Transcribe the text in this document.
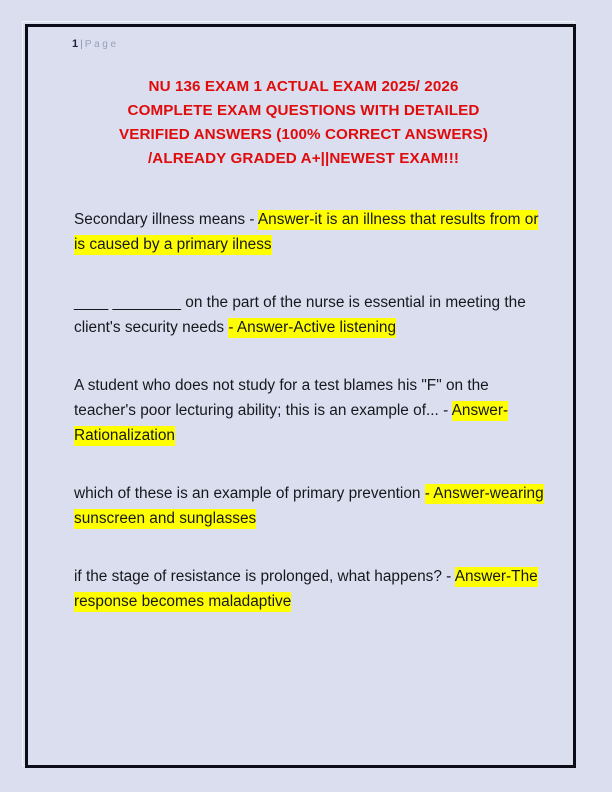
1 | Page
NU 136 EXAM 1 ACTUAL EXAM 2025/ 2026
COMPLETE EXAM QUESTIONS WITH DETAILED
VERIFIED ANSWERS (100% CORRECT ANSWERS)
/ALREADY GRADED A+||NEWEST EXAM!!!
Secondary illness means - Answer-it is an illness that results from or is caused by a primary ilness
____ ________ on the part of the nurse is essential in meeting the client's security needs - Answer-Active listening
A student who does not study for a test blames his "F" on the teacher's poor lecturing ability; this is an example of... - Answer-Rationalization
which of these is an example of primary prevention - Answer-wearing sunscreen and sunglasses
if the stage of resistance is prolonged, what happens? - Answer-The response becomes maladaptive
